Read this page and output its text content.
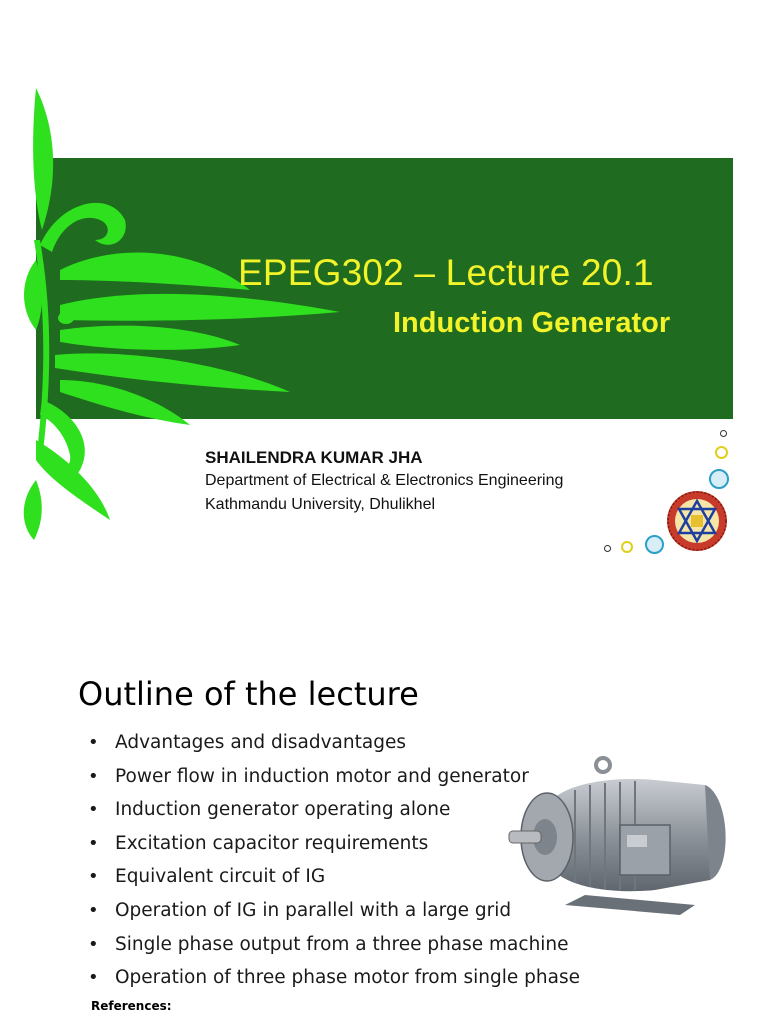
EPEG302 – Lecture 20.1
Induction Generator
SHAILENDRA KUMAR JHA
Department of Electrical & Electronics Engineering
Kathmandu University, Dhulikhel
Outline of the lecture
• Advantages and disadvantages
• Power flow in induction motor and generator
• Induction generator operating alone
• Excitation capacitor requirements
• Equivalent circuit of IG
• Operation of IG in parallel with a large grid
• Single phase output from a three phase machine
• Operation of three phase motor from single phase
References:
